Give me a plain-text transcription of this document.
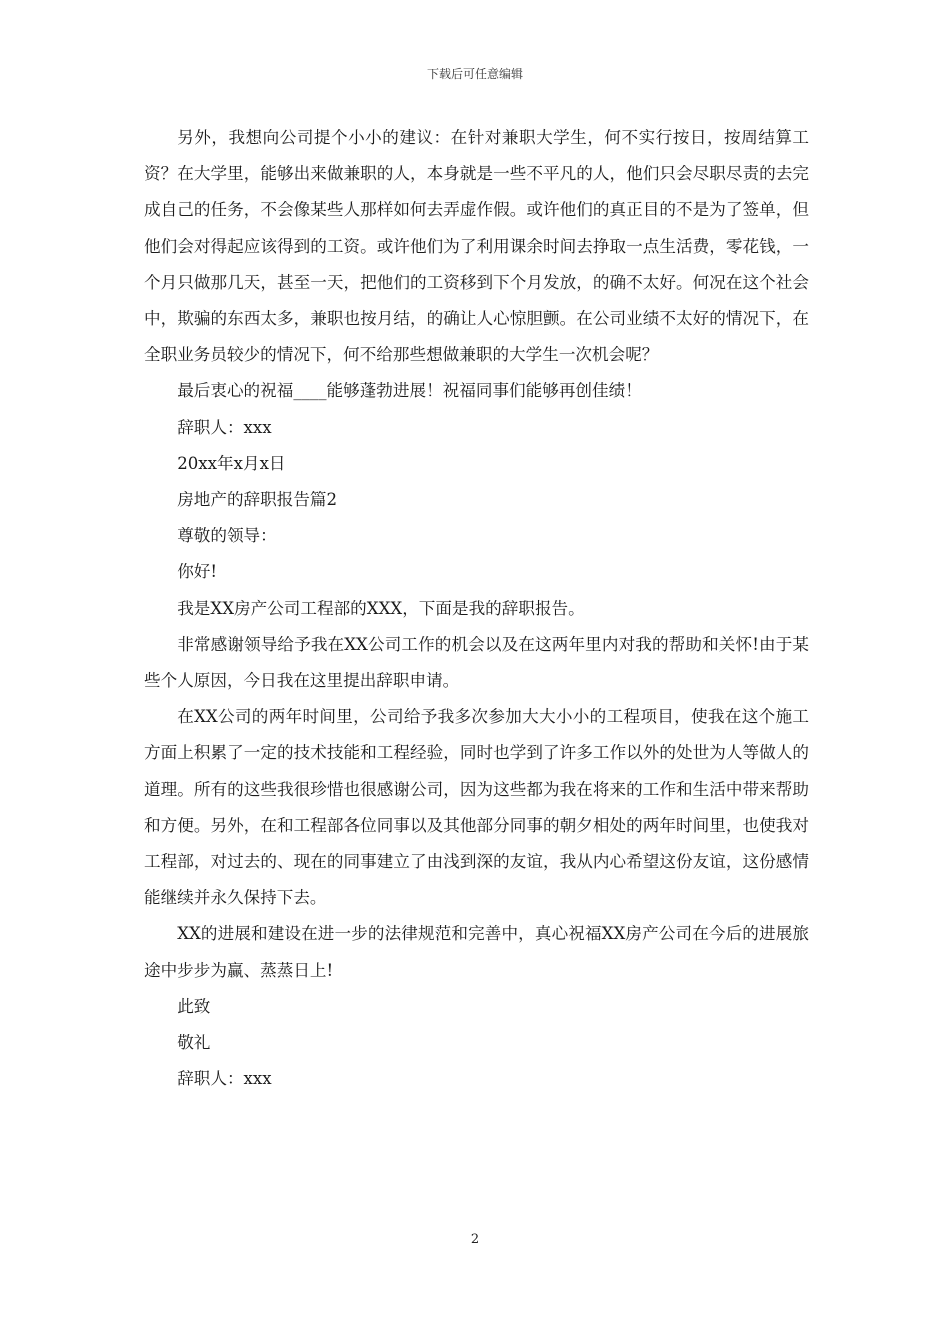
下载后可任意编辑

另外，我想向公司提个小小的建议：在针对兼职大学生，何不实行按日，按周结算工资？在大学里，能够出来做兼职的人，本身就是一些不平凡的人，他们只会尽职尽责的去完成自己的任务，不会像某些人那样如何去弄虚作假。或许他们的真正目的不是为了签单，但他们会对得起应该得到的工资。或许他们为了利用课余时间去挣取一点生活费，零花钱，一个月只做那几天，甚至一天，把他们的工资移到下个月发放，的确不太好。何况在这个社会中，欺骗的东西太多，兼职也按月结，的确让人心惊胆颤。在公司业绩不太好的情况下，在全职业务员较少的情况下，何不给那些想做兼职的大学生一次机会呢？

最后衷心的祝福____能够蓬勃进展！祝福同事们能够再创佳绩！

辞职人：xxx

20xx年x月x日

房地产的辞职报告篇2

尊敬的领导：

你好!

我是XX房产公司工程部的XXX，下面是我的辞职报告。

非常感谢领导给予我在XX公司工作的机会以及在这两年里内对我的帮助和关怀!由于某些个人原因，今日我在这里提出辞职申请。

在XX公司的两年时间里，公司给予我多次参加大大小小的工程项目，使我在这个施工方面上积累了一定的技术技能和工程经验，同时也学到了许多工作以外的处世为人等做人的道理。所有的这些我很珍惜也很感谢公司，因为这些都为我在将来的工作和生活中带来帮助和方便。另外，在和工程部各位同事以及其他部分同事的朝夕相处的两年时间里，也使我对工程部，对过去的、现在的同事建立了由浅到深的友谊，我从内心希望这份友谊，这份感情能继续并永久保持下去。

XX的进展和建设在进一步的法律规范和完善中，真心祝福XX房产公司在今后的进展旅途中步步为赢、蒸蒸日上!

此致

敬礼

辞职人：xxx

2
